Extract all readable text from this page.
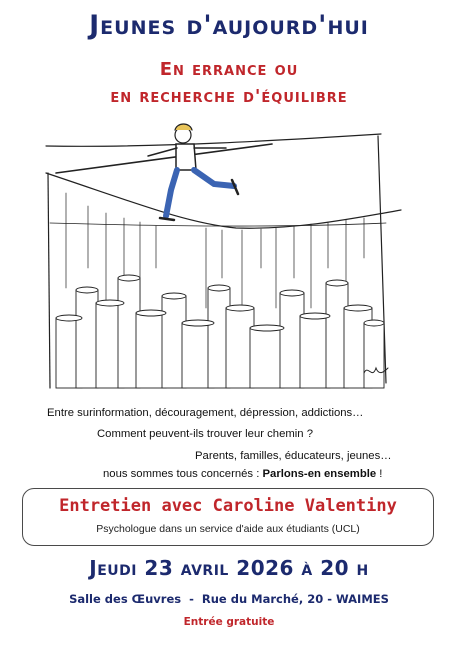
Jeunes d'aujourd'hui
En errance ou
en recherche d'équilibre
Entre surinformation, découragement, dépression, addictions…
Comment peuvent-ils trouver leur chemin ?
Parents, familles, éducateurs, jeunes…
nous sommes tous concernés : Parlons-en ensemble !
Entretien avec Caroline Valentiny
Psychologue dans un service d'aide aux étudiants (UCL)
Jeudi 23 avril 2026 à 20 h
Salle des Œuvres  -  Rue du Marché, 20 - WAIMES
Entrée gratuite
